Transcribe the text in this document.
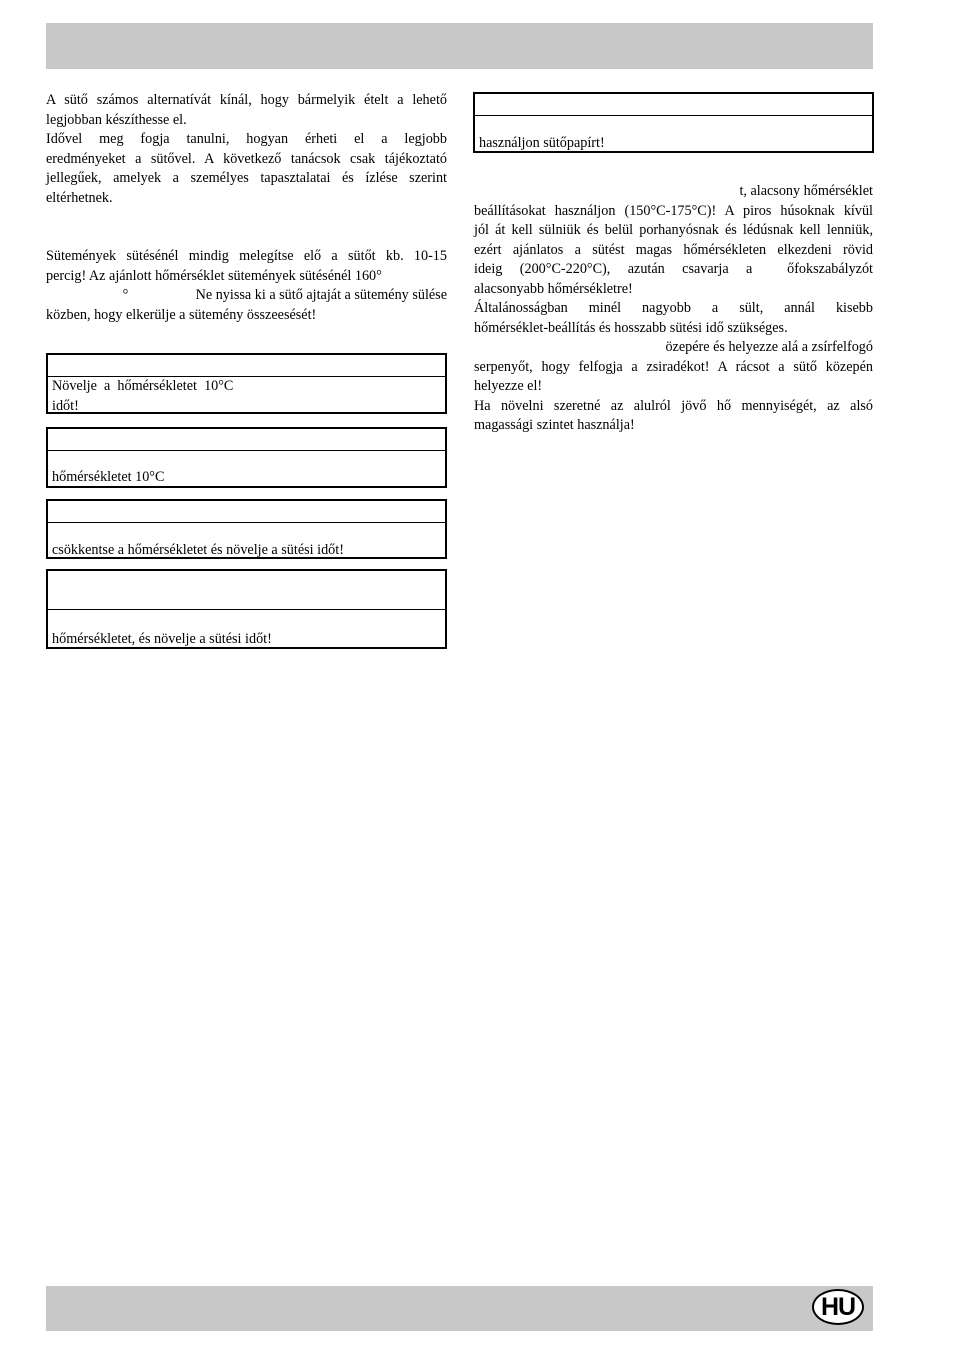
A sütő számos alternatívát kínál, hogy bármelyik ételt a lehető

legjobban készíthesse el.

Idővel meg fogja tanulni, hogyan érheti el a legjobb

eredményeket a sütővel. A következő tanácsok csak tájékoztató

jellegűek, amelyek a személyes tapasztalatai és ízlése szerint

eltérhetnek.

Sütemények sütésénél mindig melegítse elő a sütőt kb. 10-15

percig! Az ajánlott hőmérséklet sütemények sütésénél 160°

°                   Ne nyissa ki a sütő ajtaját a sütemény sülése

közben, hogy elkerülje a sütemény összeesését!

Növelje  a  hőmérsékletet  10°C
időt!
hőmérsékletet 10°C
csökkentse a hőmérsékletet és növelje a sütési időt!
hőmérsékletet, és növelje a sütési időt!
használjon sütőpapírt!

t, alacsony hőmérséklet

beállításokat használjon (150°C-175°C)! A piros húsoknak kívül

jól át kell sülniük és belül porhanyósnak és lédúsnak kell lenniük,

ezért ajánlatos a sütést magas hőmérsékleten elkezdeni rövid

ideig (200°C-220°C), azután csavarja a  őfokszabályzót

alacsonyabb hőmérsékletre!

Általánosságban minél nagyobb a sült, annál kisebb

hőmérséklet-beállítás és hosszabb sütési idő szükséges.

özepére és helyezze alá a zsírfelfogó

serpenyőt, hogy felfogja a zsiradékot! A rácsot a sütő közepén

helyezze el!

Ha növelni szeretné az alulról jövő hő mennyiségét, az alsó

magassági szintet használja!

HU
